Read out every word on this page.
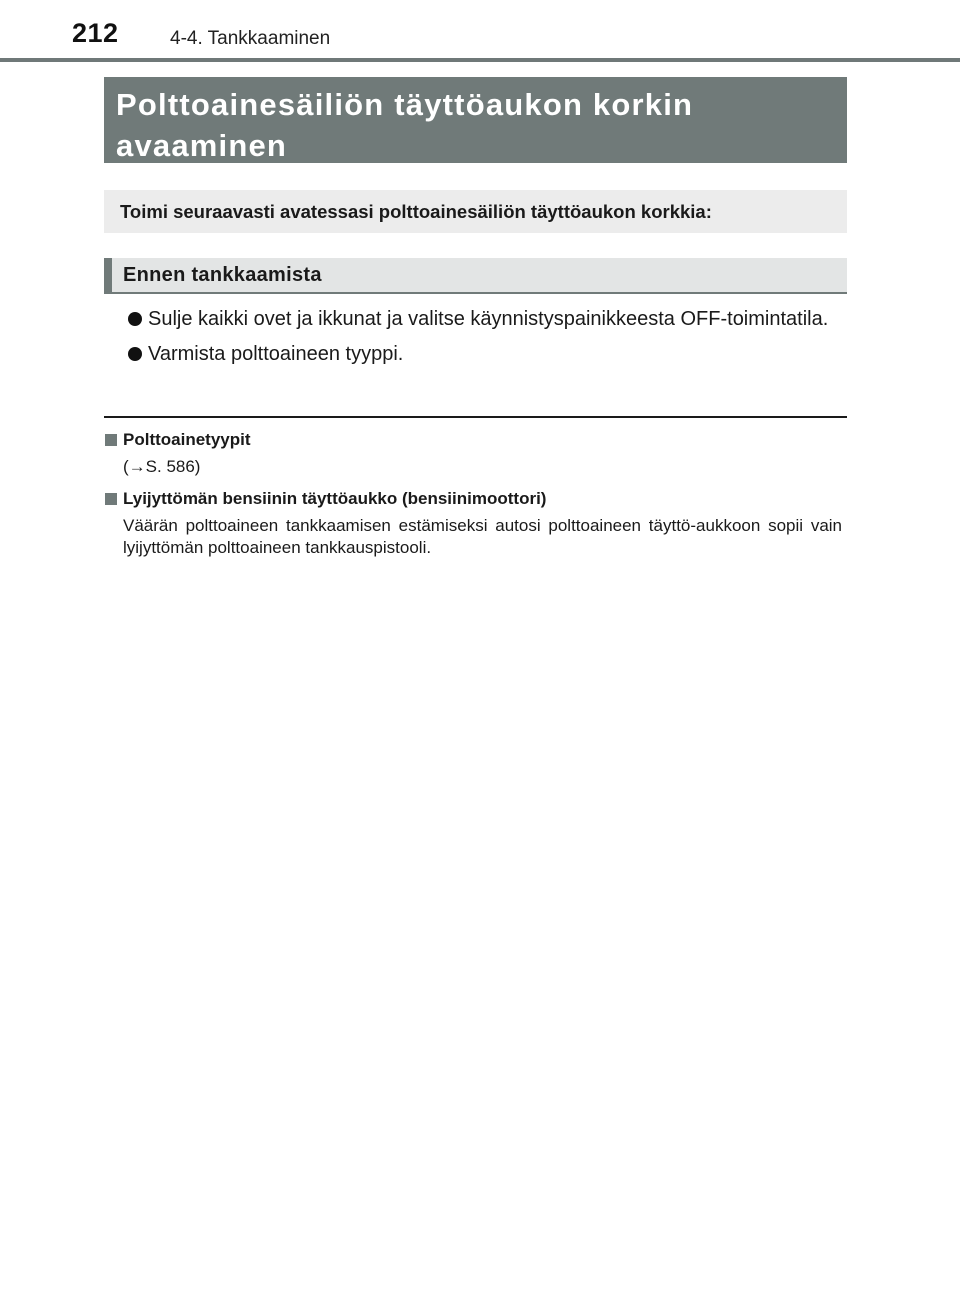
212	4-4. Tankkaaminen
Polttoainesäiliön täyttöaukon korkin avaaminen
Toimi seuraavasti avatessasi polttoainesäiliön täyttöaukon korkkia:
Ennen tankkaamista
Sulje kaikki ovet ja ikkunat ja valitse käynnistyspainikkeesta OFF-toimintatila.
Varmista polttoaineen tyyppi.
Polttoainetyypit
(→S. 586)
Lyijyttömän bensiinin täyttöaukko (bensiinimoottori)
Väärän polttoaineen tankkaamisen estämiseksi autosi polttoaineen täyttö-aukkoon sopii vain lyijyttömän polttoaineen tankkauspistooli.
